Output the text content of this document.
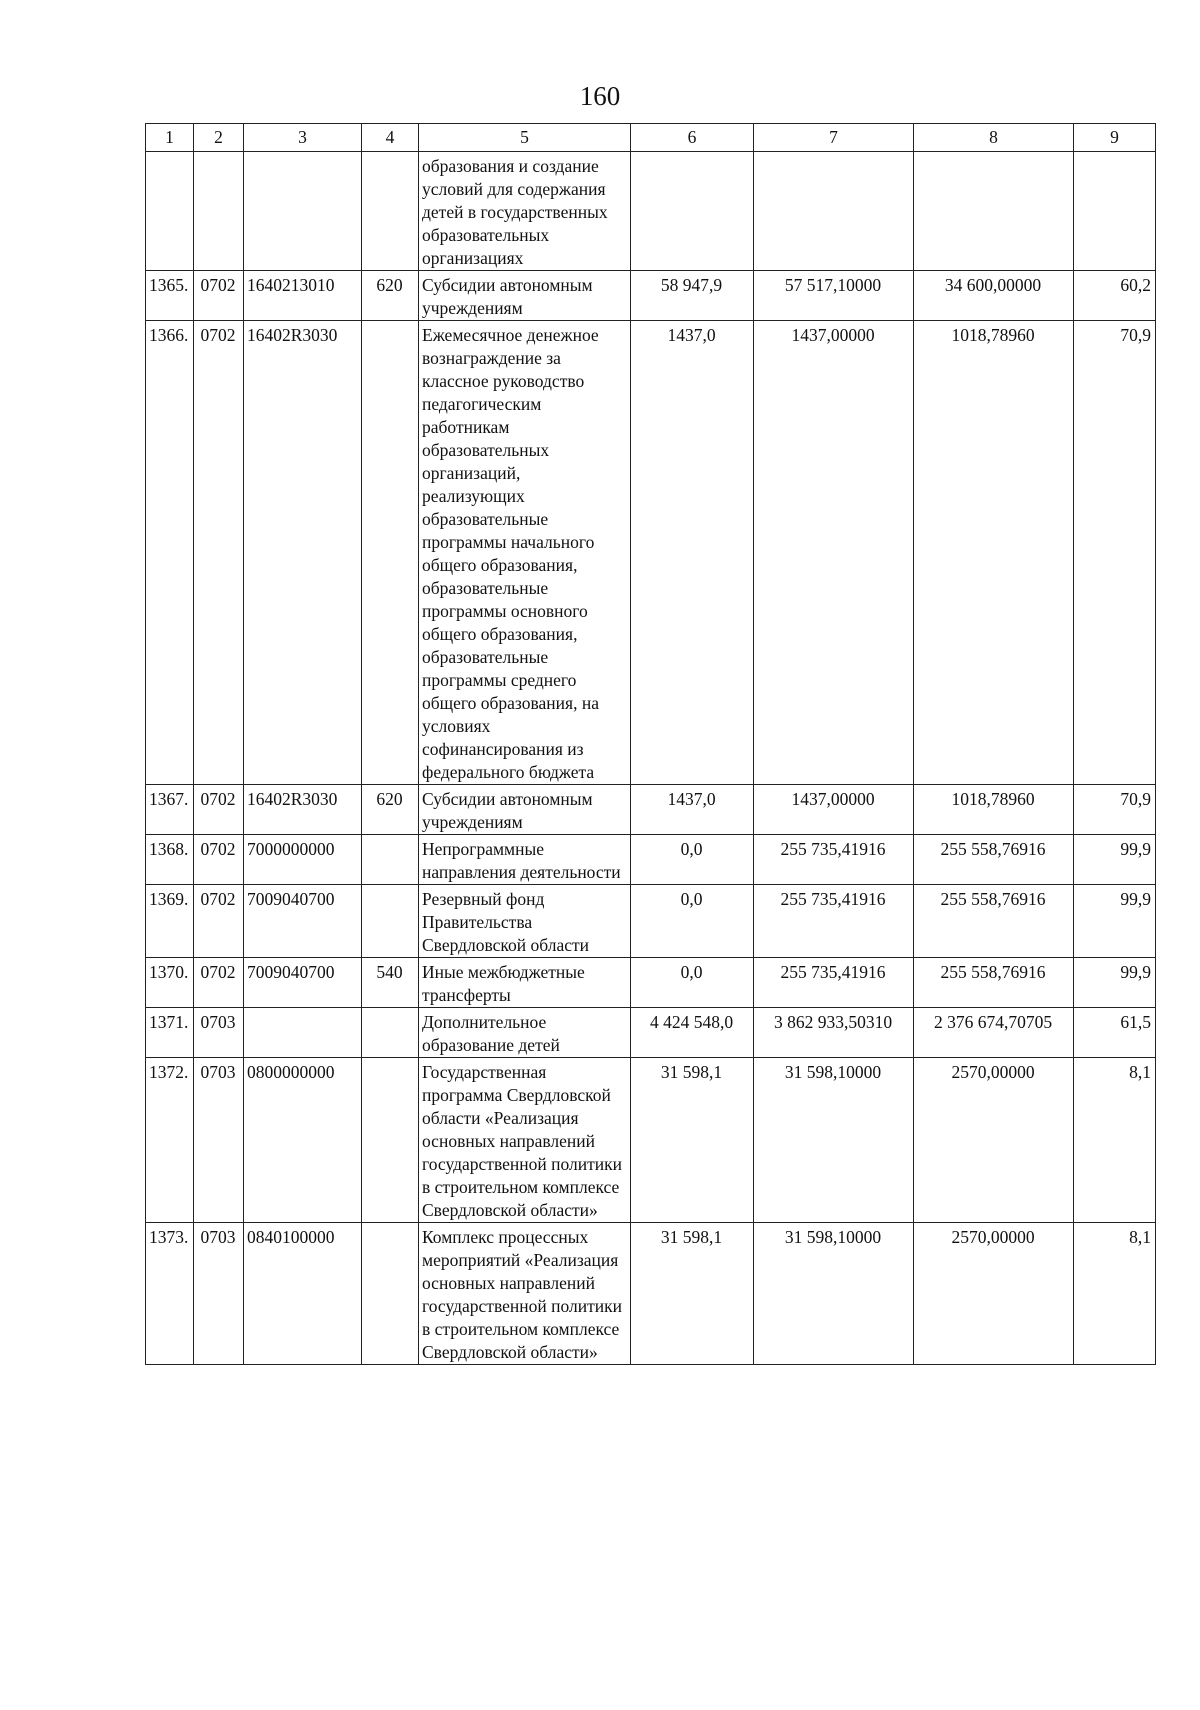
160
1	2	3	4	5	6	7	8	9
				образования и создание условий для содержания детей в государственных образовательных организациях				
1365.	0702	1640213010	620	Субсидии автономным учреждениям	58 947,9	57 517,10000	34 600,00000	60,2
1366.	0702	16402R3030		Ежемесячное денежное вознаграждение за классное руководство педагогическим работникам образовательных организаций, реализующих образовательные программы начального общего образования, образовательные программы основного общего образования, образовательные программы среднего общего образования, на условиях софинансирования из федерального бюджета	1437,0	1437,00000	1018,78960	70,9
1367.	0702	16402R3030	620	Субсидии автономным учреждениям	1437,0	1437,00000	1018,78960	70,9
1368.	0702	7000000000		Непрограммные направления деятельности	0,0	255 735,41916	255 558,76916	99,9
1369.	0702	7009040700		Резервный фонд Правительства Свердловской области	0,0	255 735,41916	255 558,76916	99,9
1370.	0702	7009040700	540	Иные межбюджетные трансферты	0,0	255 735,41916	255 558,76916	99,9
1371.	0703			Дополнительное образование детей	4 424 548,0	3 862 933,50310	2 376 674,70705	61,5
1372.	0703	0800000000		Государственная программа Свердловской области «Реализация основных направлений государственной политики в строительном комплексе Свердловской области»	31 598,1	31 598,10000	2570,00000	8,1
1373.	0703	0840100000		Комплекс процессных мероприятий «Реализация основных направлений государственной политики в строительном комплексе Свердловской области»	31 598,1	31 598,10000	2570,00000	8,1
